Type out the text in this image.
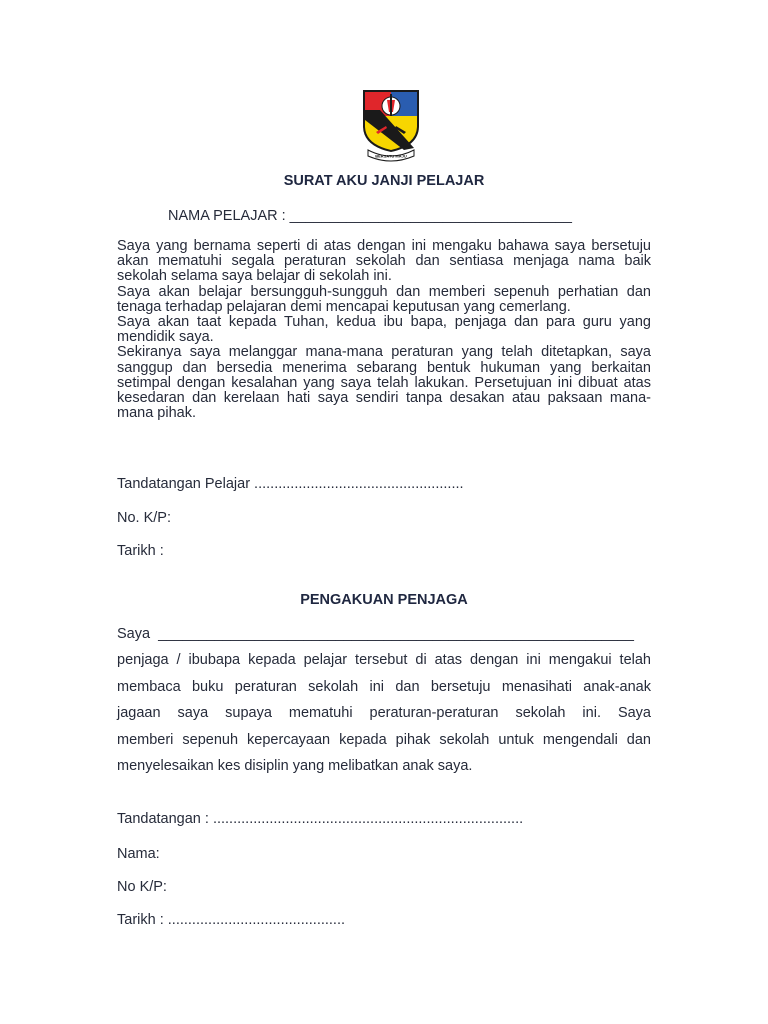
BERSATU MAJU
SURAT AKU JANJI PELAJAR
NAMA PELAJAR : ___________________________________

Saya yang bernama seperti di atas dengan ini mengaku bahawa saya bersetuju akan mematuhi segala peraturan sekolah dan sentiasa menjaga nama baik sekolah selama saya belajar di sekolah ini.

Saya akan belajar bersungguh-sungguh dan memberi sepenuh perhatian dan tenaga terhadap pelajaran demi mencapai keputusan yang cemerlang.

Saya akan taat kepada Tuhan, kedua ibu bapa, penjaga dan para guru yang mendidik saya.

Sekiranya saya melanggar mana-mana peraturan yang telah ditetapkan, saya sanggup dan bersedia menerima sebarang bentuk hukuman yang berkaitan setimpal dengan kesalahan yang saya telah lakukan. Persetujuan ini dibuat atas kesedaran dan kerelaan hati saya sendiri tanpa desakan atau paksaan mana-mana pihak.

Tandatangan Pelajar ....................................................
No. K/P:
Tarikh :
PENGAKUAN PENJAGA
Saya  ___________________________________________________________
penjaga / ibubapa kepada pelajar tersebut di atas dengan ini mengakui telah
membaca buku peraturan sekolah ini dan bersetuju menasihati anak-anak
jagaan saya supaya mematuhi peraturan-peraturan sekolah ini. Saya
memberi sepenuh kepercayaan kepada pihak sekolah untuk mengendali dan
menyelesaikan kes disiplin yang melibatkan anak saya.
Tandatangan : .............................................................................
Nama:
No K/P:
Tarikh : ............................................
